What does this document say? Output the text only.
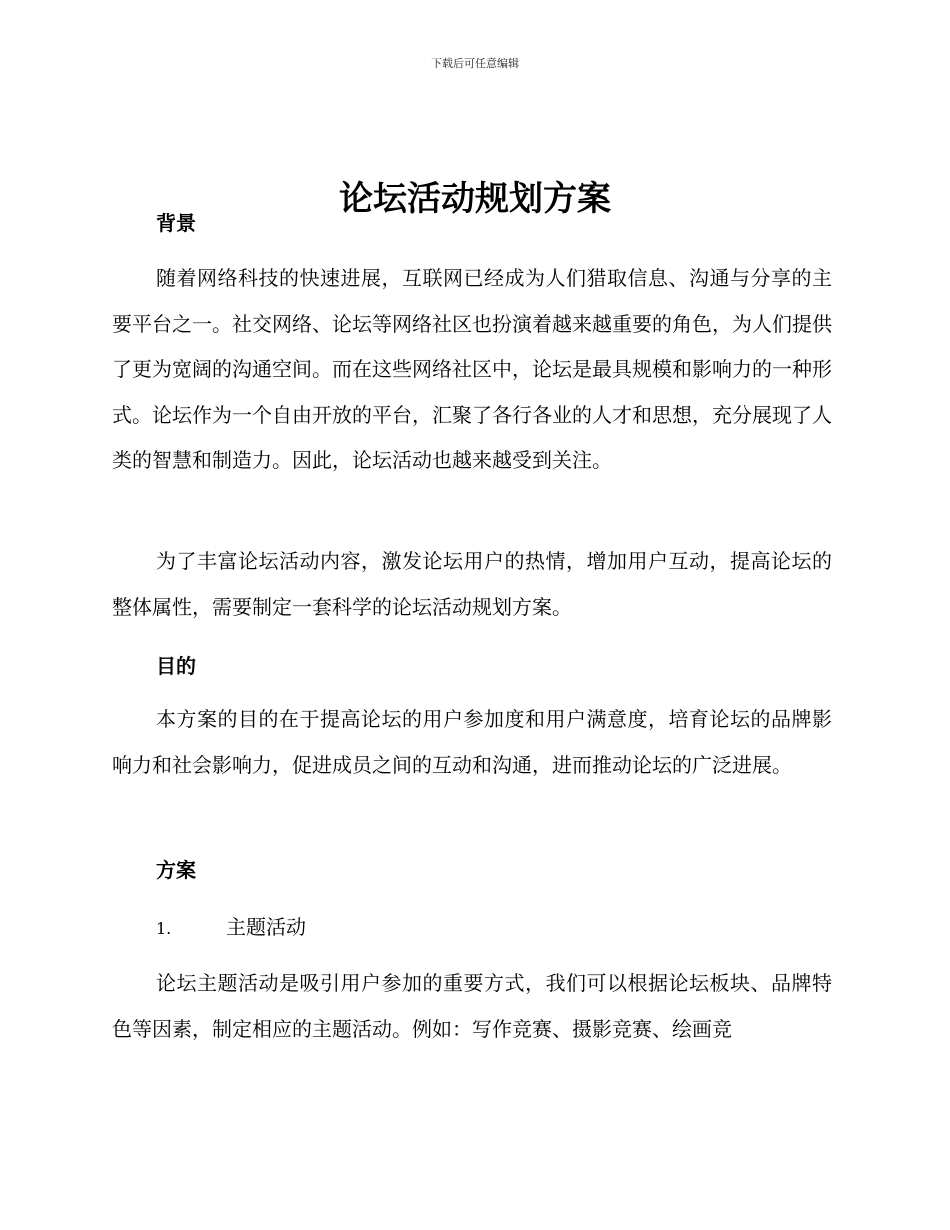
下载后可任意编辑
论坛活动规划方案
背景

随着网络科技的快速进展，互联网已经成为人们猎取信息、沟通与分享的主要平台之一。社交网络、论坛等网络社区也扮演着越来越重要的角色，为人们提供了更为宽阔的沟通空间。而在这些网络社区中，论坛是最具规模和影响力的一种形式。论坛作为一个自由开放的平台，汇聚了各行各业的人才和思想，充分展现了人类的智慧和制造力。因此，论坛活动也越来越受到关注。

为了丰富论坛活动内容，激发论坛用户的热情，增加用户互动，提高论坛的整体属性，需要制定一套科学的论坛活动规划方案。

目的

本方案的目的在于提高论坛的用户参加度和用户满意度，培育论坛的品牌影响力和社会影响力，促进成员之间的互动和沟通，进而推动论坛的广泛进展。

方案
1.	主题活动

论坛主题活动是吸引用户参加的重要方式，我们可以根据论坛板块、品牌特色等因素，制定相应的主题活动。例如：写作竞赛、摄影竞赛、绘画竞
